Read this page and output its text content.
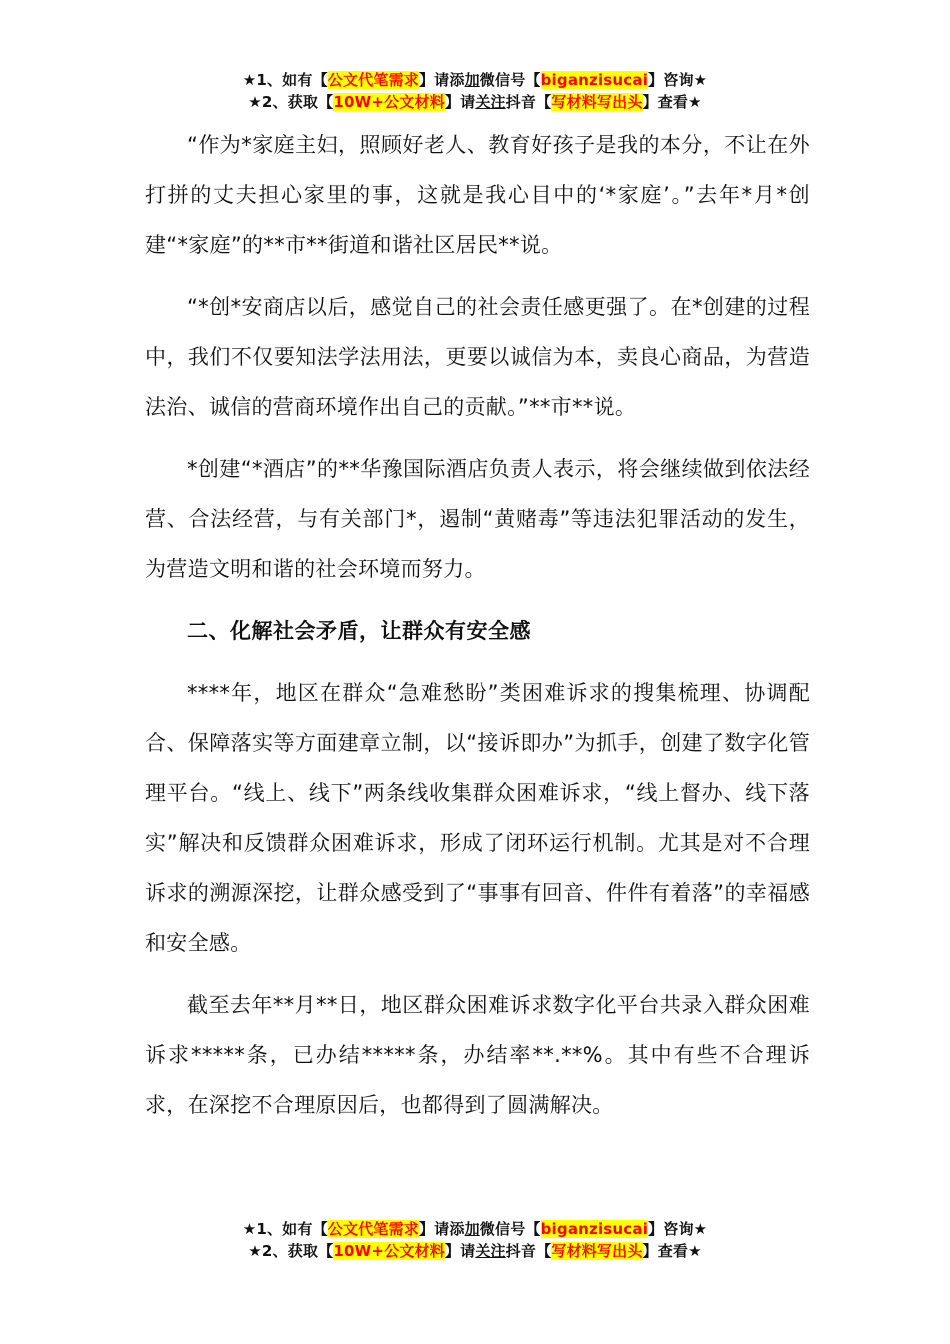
★1、如有【公文代笔需求】请添加微信号【biganzisucai】咨询★
★2、获取【10W+公文材料】请关注抖音【写材料写出头】查看★

“作为*家庭主妇，照顾好老人、教育好孩子是我的本分，不让在外打拼的丈夫担心家里的事，这就是我心目中的‘*家庭’。”去年*月*创建“*家庭”的**市**街道和谐社区居民**说。

“*创*安商店以后，感觉自己的社会责任感更强了。在*创建的过程中，我们不仅要知法学法用法，更要以诚信为本，卖良心商品，为营造法治、诚信的营商环境作出自己的贡献。”**市**说。

*创建“*酒店”的**华豫国际酒店负责人表示，将会继续做到依法经营、合法经营，与有关部门*，遏制“黄赌毒”等违法犯罪活动的发生，为营造文明和谐的社会环境而努力。

二、化解社会矛盾，让群众有安全感

****年，地区在群众“急难愁盼”类困难诉求的搜集梳理、协调配合、保障落实等方面建章立制，以“接诉即办”为抓手，创建了数字化管理平台。“线上、线下”两条线收集群众困难诉求，“线上督办、线下落实”解决和反馈群众困难诉求，形成了闭环运行机制。尤其是对不合理诉求的溯源深挖，让群众感受到了“事事有回音、件件有着落”的幸福感和安全感。

截至去年**月**日，地区群众困难诉求数字化平台共录入群众困难诉求*****条，已办结*****条，办结率**.**%。其中有些不合理诉求，在深挖不合理原因后，也都得到了圆满解决。

★1、如有【公文代笔需求】请添加微信号【biganzisucai】咨询★
★2、获取【10W+公文材料】请关注抖音【写材料写出头】查看★
